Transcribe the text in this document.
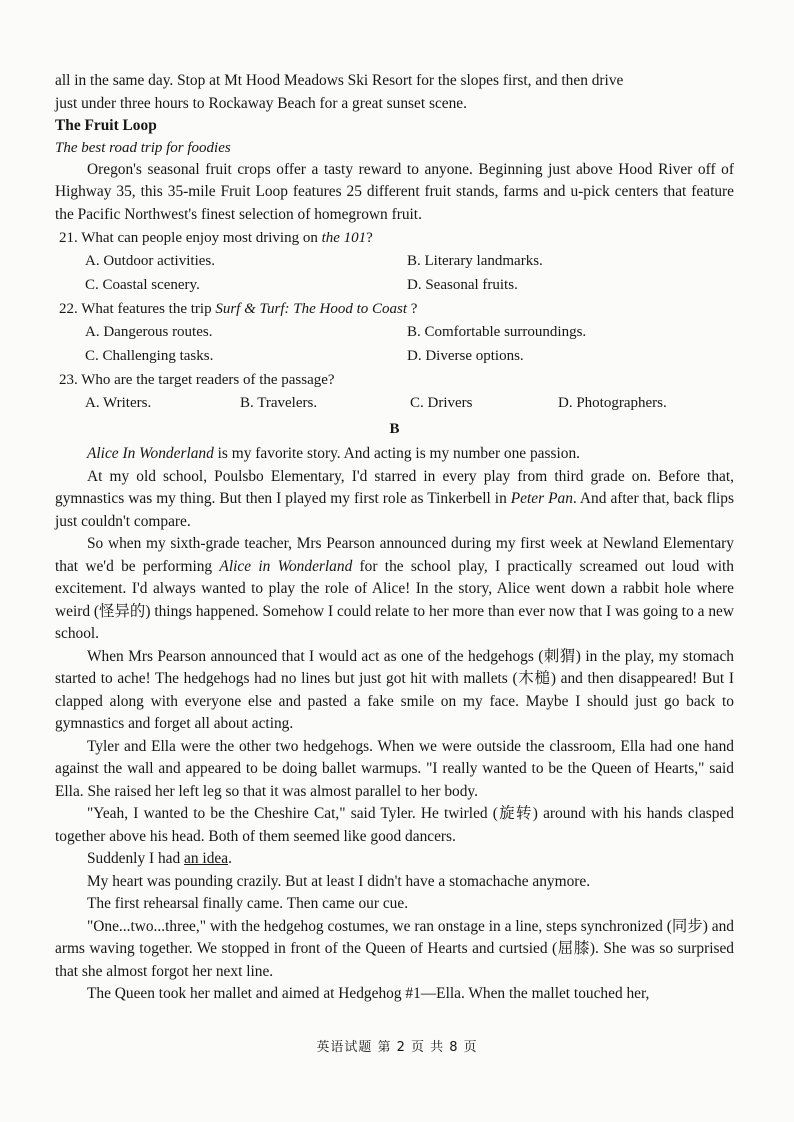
all in the same day. Stop at Mt Hood Meadows Ski Resort for the slopes first, and then drive

just under three hours to Rockaway Beach for a great sunset scene.

The Fruit Loop

The best road trip for foodies

Oregon's seasonal fruit crops offer a tasty reward to anyone. Beginning just above Hood River off of Highway 35, this 35-mile Fruit Loop features 25 different fruit stands, farms and u-pick centers that feature the Pacific Northwest's finest selection of homegrown fruit.

21. What can people enjoy most driving on the 101?
A. Outdoor activities.	B. Literary landmarks.
C. Coastal scenery.	D. Seasonal fruits.
22. What features the trip Surf & Turf: The Hood to Coast ?
A. Dangerous routes.	B. Comfortable surroundings.
C. Challenging tasks.	D. Diverse options.
23. Who are the target readers of the passage?
A. Writers.	B. Travelers.	C. Drivers	D. Photographers.
B

Alice In Wonderland is my favorite story. And acting is my number one passion.

At my old school, Poulsbo Elementary, I'd starred in every play from third grade on. Before that, gymnastics was my thing. But then I played my first role as Tinkerbell in Peter Pan. And after that, back flips just couldn't compare.

So when my sixth-grade teacher, Mrs Pearson announced during my first week at Newland Elementary that we'd be performing Alice in Wonderland for the school play, I practically screamed out loud with excitement. I'd always wanted to play the role of Alice! In the story, Alice went down a rabbit hole where weird (怪异的) things happened. Somehow I could relate to her more than ever now that I was going to a new school.

When Mrs Pearson announced that I would act as one of the hedgehogs (刺猬) in the play, my stomach started to ache! The hedgehogs had no lines but just got hit with mallets (木槌) and then disappeared! But I clapped along with everyone else and pasted a fake smile on my face. Maybe I should just go back to gymnastics and forget all about acting.

Tyler and Ella were the other two hedgehogs. When we were outside the classroom, Ella had one hand against the wall and appeared to be doing ballet warmups. "I really wanted to be the Queen of Hearts," said Ella. She raised her left leg so that it was almost parallel to her body.

"Yeah, I wanted to be the Cheshire Cat," said Tyler. He twirled (旋转) around with his hands clasped together above his head. Both of them seemed like good dancers.

Suddenly I had an idea.

My heart was pounding crazily. But at least I didn't have a stomachache anymore.

The first rehearsal finally came. Then came our cue.

"One...two...three," with the hedgehog costumes, we ran onstage in a line, steps synchronized (同步) and arms waving together. We stopped in front of the Queen of Hearts and curtsied (屈膝). She was so surprised that she almost forgot her next line.

The Queen took her mallet and aimed at Hedgehog #1—Ella. When the mallet touched her,

英语试题 第 2 页 共 8 页
